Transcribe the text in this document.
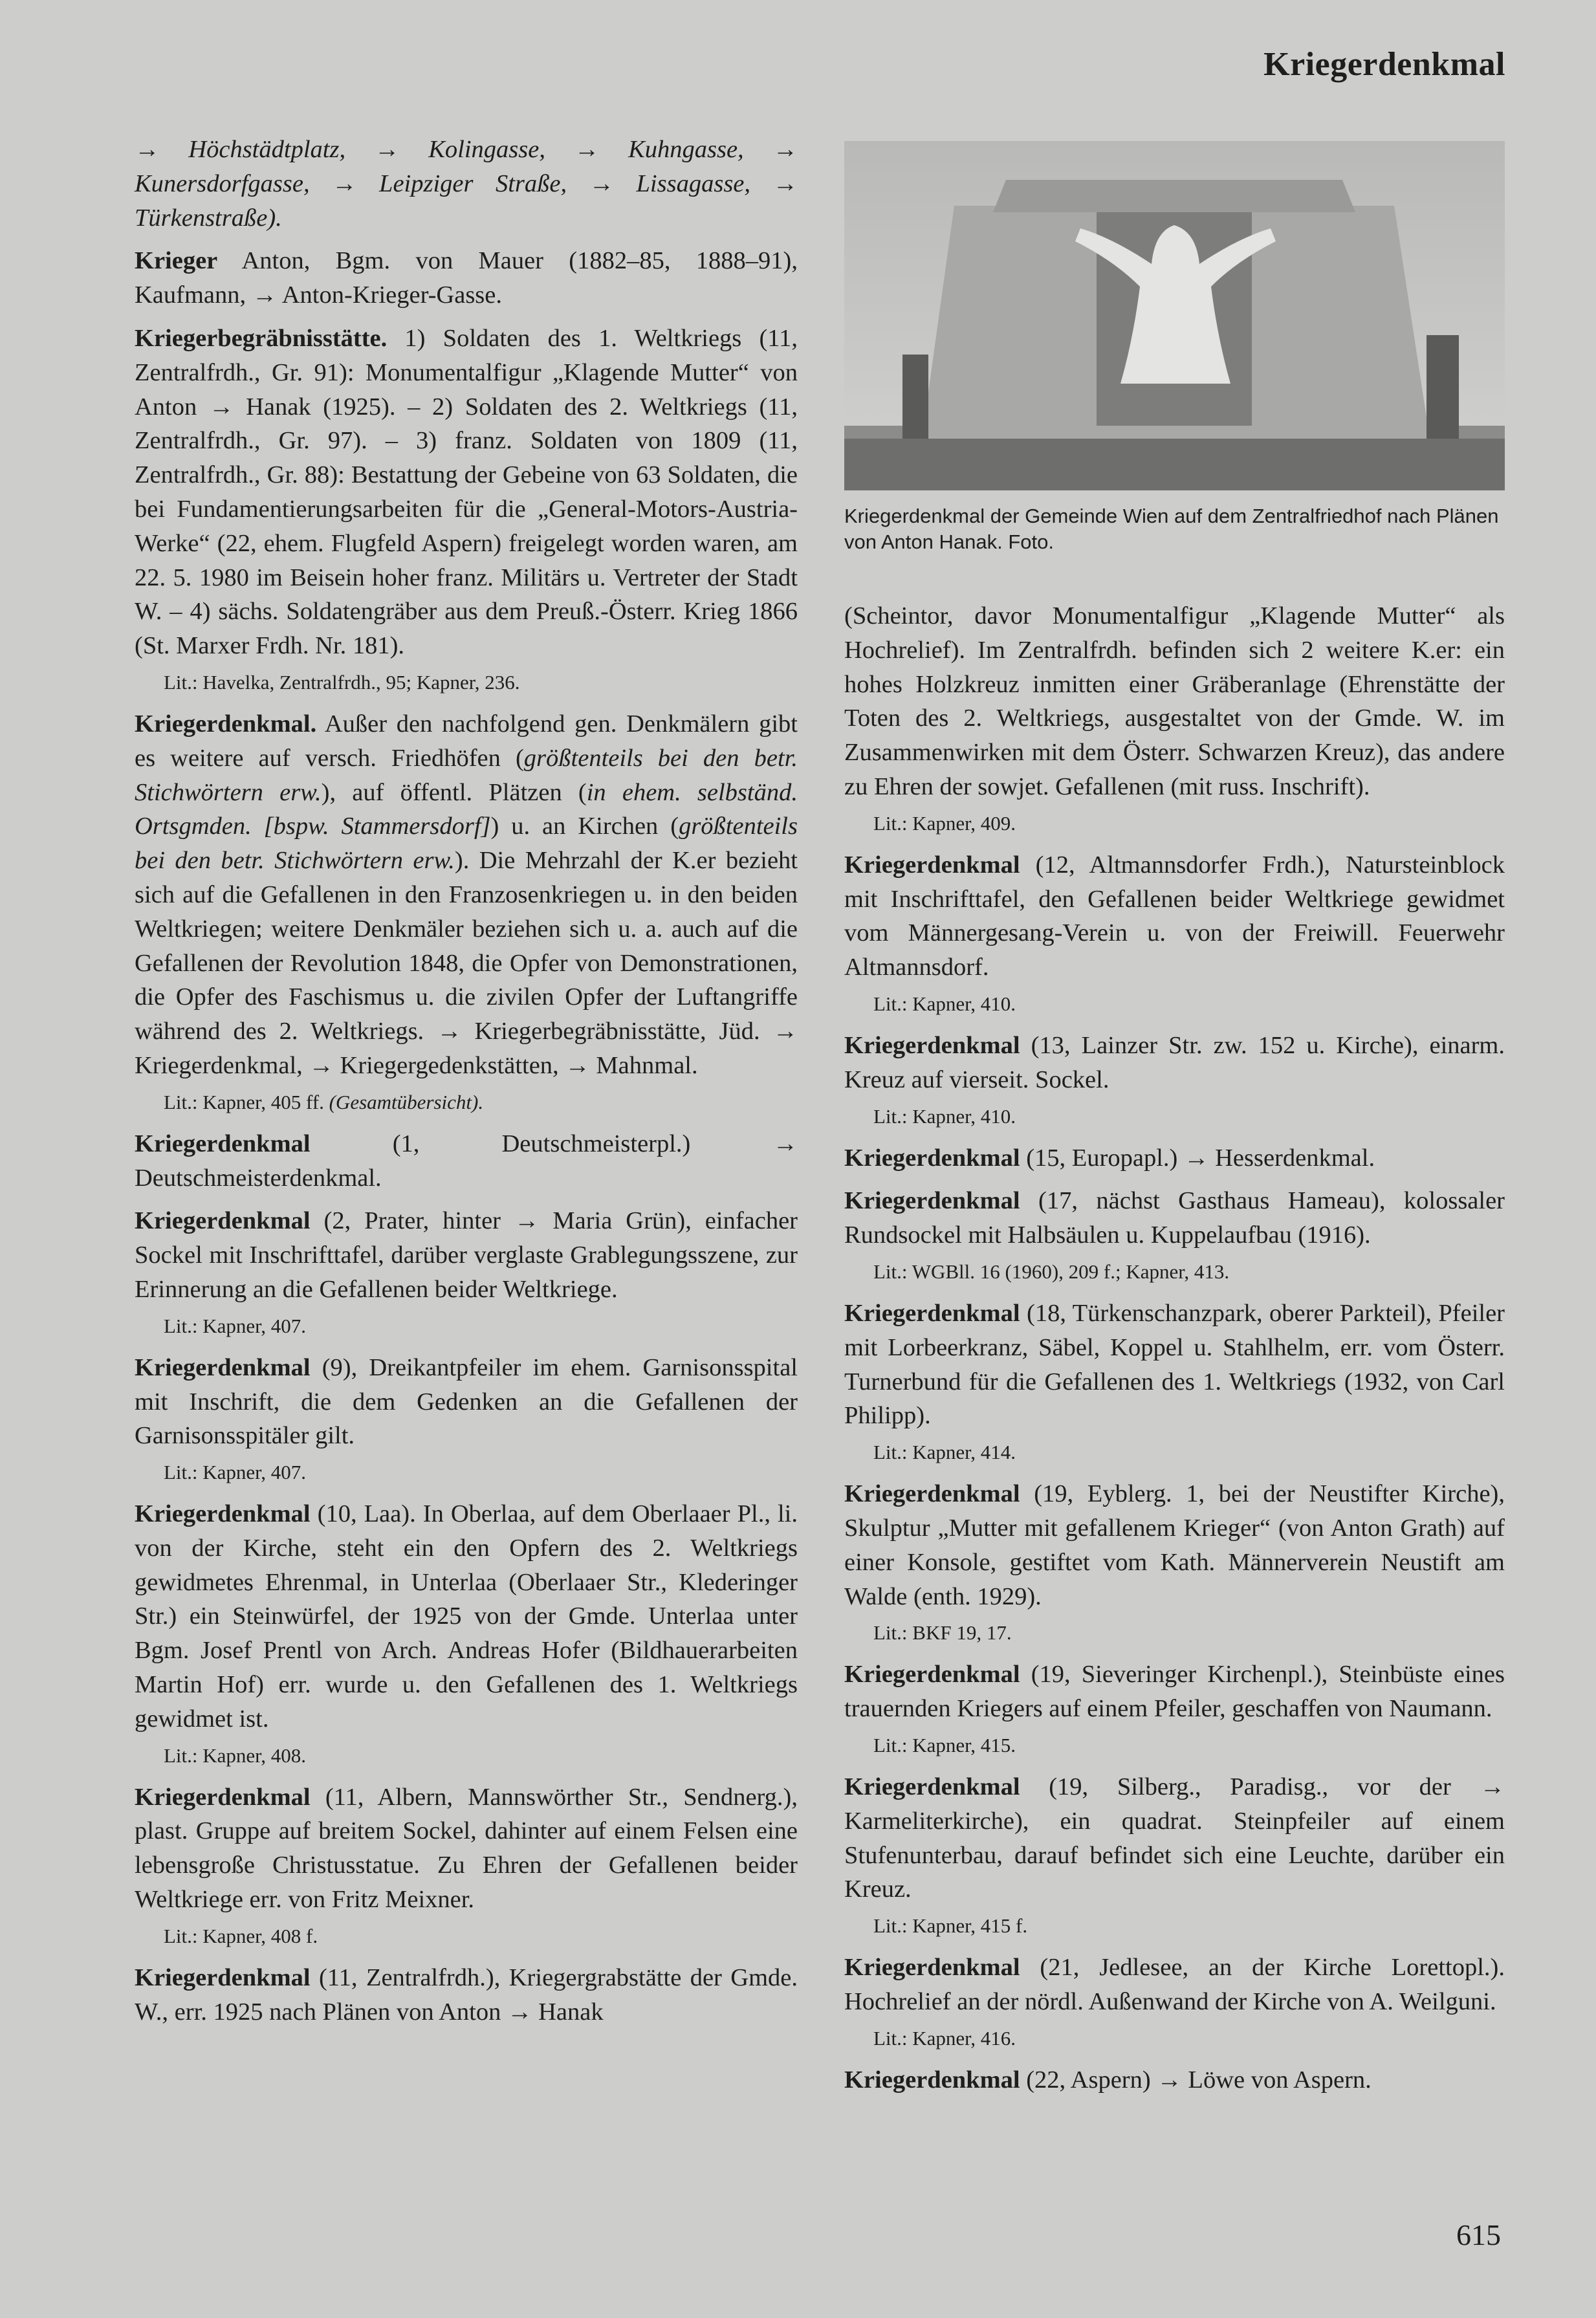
Kriegerdenkmal

→ Höchstädtplatz, → Kolingasse, → Kuhngasse, → Kunersdorfgasse, → Leipziger Straße, → Lissagasse, → Türkenstraße).

Krieger Anton, Bgm. von Mauer (1882–85, 1888–91), Kaufmann, → Anton-Krieger-Gasse.

Kriegerbegräbnisstätte. 1) Soldaten des 1. Weltkriegs (11, Zentralfrdh., Gr. 91): Monumentalfigur „Klagende Mutter“ von Anton → Hanak (1925). – 2) Soldaten des 2. Weltkriegs (11, Zentralfrdh., Gr. 97). – 3) franz. Soldaten von 1809 (11, Zentralfrdh., Gr. 88): Bestattung der Gebeine von 63 Soldaten, die bei Fundamentierungsarbeiten für die „General-Motors-Austria-Werke“ (22, ehem. Flugfeld Aspern) freigelegt worden waren, am 22. 5. 1980 im Beisein hoher franz. Militärs u. Vertreter der Stadt W. – 4) sächs. Soldatengräber aus dem Preuß.-Österr. Krieg 1866 (St. Marxer Frdh. Nr. 181).

Lit.: Havelka, Zentralfrdh., 95; Kapner, 236.

Kriegerdenkmal. Außer den nachfolgend gen. Denkmälern gibt es weitere auf versch. Friedhöfen (größtenteils bei den betr. Stichwörtern erw.), auf öffentl. Plätzen (in ehem. selbständ. Ortsgmden. [bspw. Stammersdorf]) u. an Kirchen (größtenteils bei den betr. Stichwörtern erw.). Die Mehrzahl der K.er bezieht sich auf die Gefallenen in den Franzosenkriegen u. in den beiden Weltkriegen; weitere Denkmäler beziehen sich u. a. auch auf die Gefallenen der Revolution 1848, die Opfer von Demonstrationen, die Opfer des Faschismus u. die zivilen Opfer der Luftangriffe während des 2. Weltkriegs. → Kriegerbegräbnisstätte, Jüd. → Kriegerdenkmal, → Kriegergedenkstätten, → Mahnmal.

Lit.: Kapner, 405 ff. (Gesamtübersicht).

Kriegerdenkmal (1, Deutschmeisterpl.) → Deutschmeisterdenkmal.

Kriegerdenkmal (2, Prater, hinter → Maria Grün), einfacher Sockel mit Inschrifttafel, darüber verglaste Grablegungsszene, zur Erinnerung an die Gefallenen beider Weltkriege.

Lit.: Kapner, 407.

Kriegerdenkmal (9), Dreikantpfeiler im ehem. Garnisonsspital mit Inschrift, die dem Gedenken an die Gefallenen der Garnisonsspitäler gilt.

Lit.: Kapner, 407.

Kriegerdenkmal (10, Laa). In Oberlaa, auf dem Oberlaaer Pl., li. von der Kirche, steht ein den Opfern des 2. Weltkriegs gewidmetes Ehrenmal, in Unterlaa (Oberlaaer Str., Klederinger Str.) ein Steinwürfel, der 1925 von der Gmde. Unterlaa unter Bgm. Josef Prentl von Arch. Andreas Hofer (Bildhauerarbeiten Martin Hof) err. wurde u. den Gefallenen des 1. Weltkriegs gewidmet ist.

Lit.: Kapner, 408.

Kriegerdenkmal (11, Albern, Mannswörther Str., Sendnerg.), plast. Gruppe auf breitem Sockel, dahinter auf einem Felsen eine lebensgroße Christusstatue. Zu Ehren der Gefallenen beider Weltkriege err. von Fritz Meixner.

Lit.: Kapner, 408 f.

Kriegerdenkmal (11, Zentralfrdh.), Kriegergrabstätte der Gmde. W., err. 1925 nach Plänen von Anton → Hanak

Kriegerdenkmal der Gemeinde Wien auf dem Zentralfriedhof nach Plänen von Anton Hanak. Foto.

(Scheintor, davor Monumentalfigur „Klagende Mutter“ als Hochrelief). Im Zentralfrdh. befinden sich 2 weitere K.er: ein hohes Holzkreuz inmitten einer Gräberanlage (Ehrenstätte der Toten des 2. Weltkriegs, ausgestaltet von der Gmde. W. im Zusammenwirken mit dem Österr. Schwarzen Kreuz), das andere zu Ehren der sowjet. Gefallenen (mit russ. Inschrift).

Lit.: Kapner, 409.

Kriegerdenkmal (12, Altmannsdorfer Frdh.), Natursteinblock mit Inschrifttafel, den Gefallenen beider Weltkriege gewidmet vom Männergesang-Verein u. von der Freiwill. Feuerwehr Altmannsdorf.

Lit.: Kapner, 410.

Kriegerdenkmal (13, Lainzer Str. zw. 152 u. Kirche), einarm. Kreuz auf vierseit. Sockel.

Lit.: Kapner, 410.

Kriegerdenkmal (15, Europapl.) → Hesserdenkmal.

Kriegerdenkmal (17, nächst Gasthaus Hameau), kolossaler Rundsockel mit Halbsäulen u. Kuppelaufbau (1916).

Lit.: WGBll. 16 (1960), 209 f.; Kapner, 413.

Kriegerdenkmal (18, Türkenschanzpark, oberer Parkteil), Pfeiler mit Lorbeerkranz, Säbel, Koppel u. Stahlhelm, err. vom Österr. Turnerbund für die Gefallenen des 1. Weltkriegs (1932, von Carl Philipp).

Lit.: Kapner, 414.

Kriegerdenkmal (19, Eyblerg. 1, bei der Neustifter Kirche), Skulptur „Mutter mit gefallenem Krieger“ (von Anton Grath) auf einer Konsole, gestiftet vom Kath. Männerverein Neustift am Walde (enth. 1929).

Lit.: BKF 19, 17.

Kriegerdenkmal (19, Sieveringer Kirchenpl.), Steinbüste eines trauernden Kriegers auf einem Pfeiler, geschaffen von Naumann.

Lit.: Kapner, 415.

Kriegerdenkmal (19, Silberg., Paradisg., vor der → Karmeliterkirche), ein quadrat. Steinpfeiler auf einem Stufenunterbau, darauf befindet sich eine Leuchte, darüber ein Kreuz.

Lit.: Kapner, 415 f.

Kriegerdenkmal (21, Jedlesee, an der Kirche Lorettopl.). Hochrelief an der nördl. Außenwand der Kirche von A. Weilguni.

Lit.: Kapner, 416.

Kriegerdenkmal (22, Aspern) → Löwe von Aspern.

615
